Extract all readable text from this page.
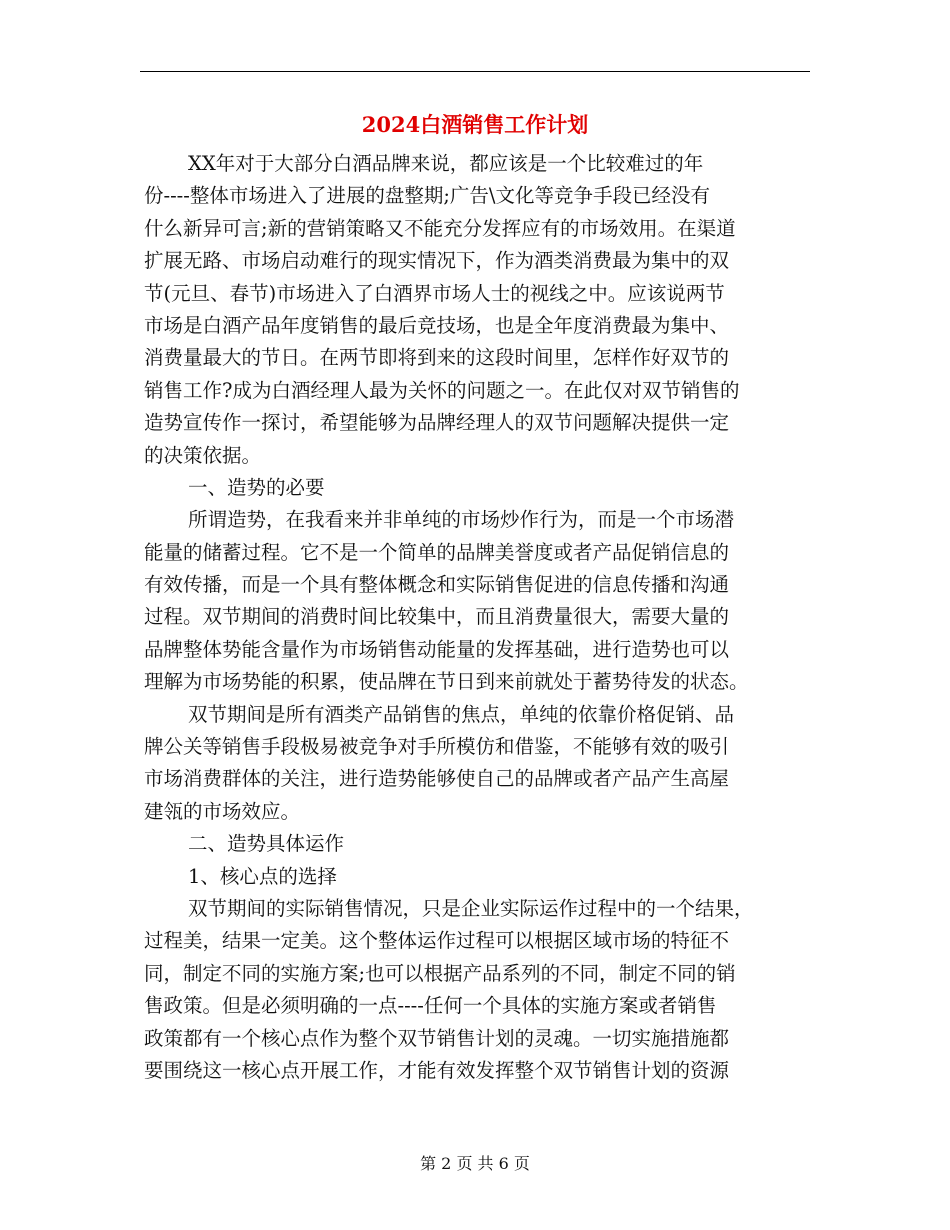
2024白酒销售工作计划
XX年对于大部分白酒品牌来说，都应该是一个比较难过的年
份----整体市场进入了进展的盘整期;广告\文化等竞争手段已经没有
什么新异可言;新的营销策略又不能充分发挥应有的市场效用。在渠道
扩展无路、市场启动难行的现实情况下，作为酒类消费最为集中的双
节(元旦、春节)市场进入了白酒界市场人士的视线之中。应该说两节
市场是白酒产品年度销售的最后竞技场，也是全年度消费最为集中、
消费量最大的节日。在两节即将到来的这段时间里，怎样作好双节的
销售工作?成为白酒经理人最为关怀的问题之一。在此仅对双节销售的
造势宣传作一探讨，希望能够为品牌经理人的双节问题解决提供一定
的决策依据。
一、造势的必要
所谓造势，在我看来并非单纯的市场炒作行为，而是一个市场潜
能量的储蓄过程。它不是一个简单的品牌美誉度或者产品促销信息的
有效传播，而是一个具有整体概念和实际销售促进的信息传播和沟通
过程。双节期间的消费时间比较集中，而且消费量很大，需要大量的
品牌整体势能含量作为市场销售动能量的发挥基础，进行造势也可以
理解为市场势能的积累，使品牌在节日到来前就处于蓄势待发的状态。
双节期间是所有酒类产品销售的焦点，单纯的依靠价格促销、品
牌公关等销售手段极易被竞争对手所模仿和借鉴，不能够有效的吸引
市场消费群体的关注，进行造势能够使自己的品牌或者产品产生高屋
建瓴的市场效应。
二、造势具体运作
1、核心点的选择
双节期间的实际销售情况，只是企业实际运作过程中的一个结果，
过程美，结果一定美。这个整体运作过程可以根据区域市场的特征不
同，制定不同的实施方案;也可以根据产品系列的不同，制定不同的销
售政策。但是必须明确的一点----任何一个具体的实施方案或者销售
政策都有一个核心点作为整个双节销售计划的灵魂。一切实施措施都
要围绕这一核心点开展工作，才能有效发挥整个双节销售计划的资源
第 2 页 共 6 页
